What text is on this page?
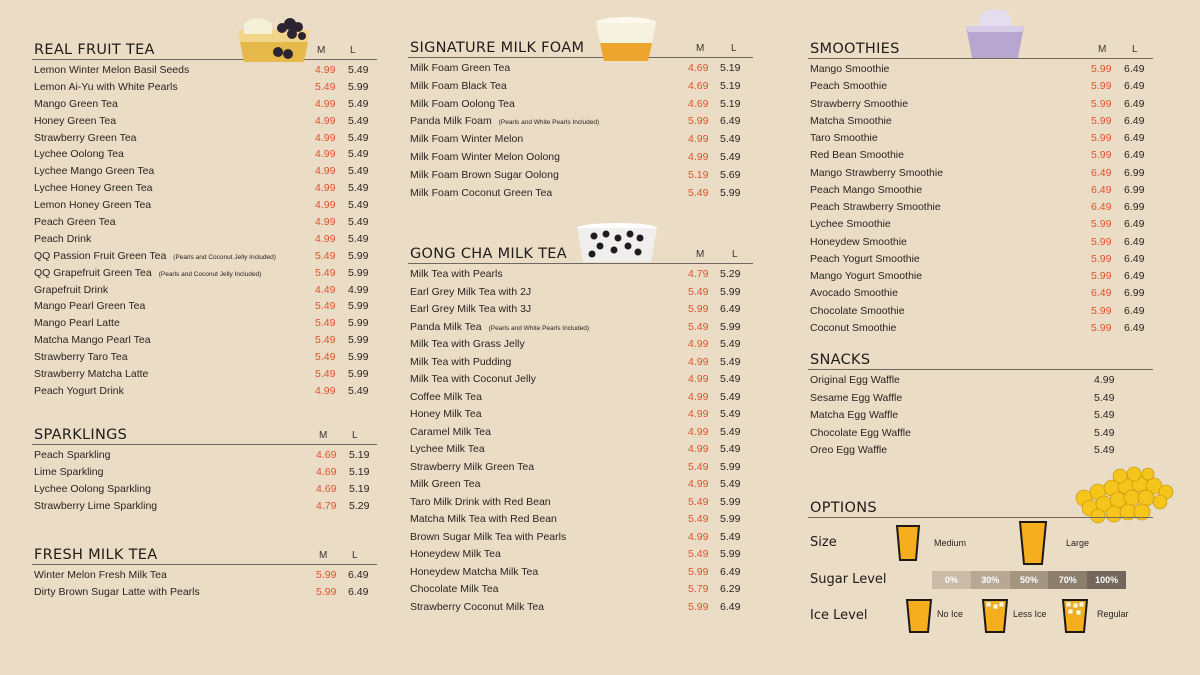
REAL FRUIT TEA	M L
Lemon Winter Melon Basil Seeds	4.99 5.49
Lemon Ai-Yu with White Pearls	5.49 5.99
Mango Green Tea	4.99 5.49
Honey Green Tea	4.99 5.49
Strawberry Green Tea	4.99 5.49
Lychee Oolong Tea	4.99 5.49
Lychee Mango Green Tea	4.99 5.49
Lychee Honey Green Tea	4.99 5.49
Lemon Honey Green Tea	4.99 5.49
Peach Green Tea	4.99 5.49
Peach Drink	4.99 5.49
QQ Passion Fruit Green Tea (Pearls and Coconut Jelly Included)	5.49 5.99
QQ Grapefruit Green Tea (Pearls and Coconut Jelly Included)	5.49 5.99
Grapefruit Drink	4.49 4.99
Mango Pearl Green Tea	5.49 5.99
Mango Pearl Latte	5.49 5.99
Matcha Mango Pearl Tea	5.49 5.99
Strawberry Taro Tea	5.49 5.99
Strawberry Matcha Latte	5.49 5.99
Peach Yogurt Drink	4.99 5.49
SPARKLINGS	M L
Peach Sparkling	4.69 5.19
Lime Sparkling	4.69 5.19
Lychee Oolong Sparkling	4.69 5.19
Strawberry Lime Sparkling	4.79 5.29
FRESH MILK TEA	M L
Winter Melon Fresh Milk Tea	5.99 6.49
Dirty Brown Sugar Latte with Pearls	5.99 6.49
SIGNATURE MILK FOAM	M	L
Milk Foam Green Tea	4.69 5.19
Milk Foam Black Tea	4.69 5.19
Milk Foam Oolong Tea	4.69 5.19
Panda Milk Foam (Pearls and White Pearls Included)	5.99 6.49
Milk Foam Winter Melon	4.99 5.49
Milk Foam Winter Melon Oolong	4.99 5.49
Milk Foam Brown Sugar Oolong	5.19 5.69
Milk Foam Coconut Green Tea	5.49 5.99
GONG CHA MILK TEA	M	L
Milk Tea with Pearls	4.79 5.29
Earl Grey Milk Tea with 2J	5.49 5.99
Earl Grey Milk Tea with 3J	5.99 6.49
Panda Milk Tea (Pearls and White Pearls Included)	5.49 5.99
Milk Tea with Grass Jelly	4.99 5.49
Milk Tea with Pudding	4.99 5.49
Milk Tea with Coconut Jelly	4.99 5.49
Coffee Milk Tea	4.99 5.49
Honey Milk Tea	4.99 5.49
Caramel Milk Tea	4.99 5.49
Lychee Milk Tea	4.99 5.49
Strawberry Milk Green Tea	5.49 5.99
Milk Green Tea	4.99 5.49
Taro Milk Drink with Red Bean	5.49 5.99
Matcha Milk Tea with Red Bean	5.49 5.99
Brown Sugar Milk Tea with Pearls	4.99 5.49
Honeydew Milk Tea	5.49 5.99
Honeydew Matcha Milk Tea	5.99 6.49
Chocolate Milk Tea	5.79 6.29
Strawberry Coconut Milk Tea	5.99 6.49
SMOOTHIES	M	L
Mango Smoothie	5.99 6.49
Peach Smoothie	5.99 6.49
Strawberry Smoothie	5.99 6.49
Matcha Smoothie	5.99 6.49
Taro Smoothie	5.99 6.49
Red Bean Smoothie	5.99 6.49
Mango Strawberry Smoothie	6.49 6.99
Peach Mango Smoothie	6.49 6.99
Peach Strawberry Smoothie	6.49 6.99
Lychee Smoothie	5.99 6.49
Honeydew Smoothie	5.99 6.49
Peach Yogurt Smoothie	5.99 6.49
Mango Yogurt Smoothie	5.99 6.49
Avocado Smoothie	6.49 6.99
Chocolate Smoothie	5.99 6.49
Coconut Smoothie	5.99 6.49
SNACKS
Original Egg Waffle	4.99
Sesame Egg Waffle	5.49
Matcha Egg Waffle	5.49
Chocolate Egg Waffle	5.49
Oreo Egg Waffle	5.49
OPTIONS
Size	Medium	Large
Sugar Level	0%	30%	50%	70%	100%
Ice Level	No Ice	Less Ice	Regular
